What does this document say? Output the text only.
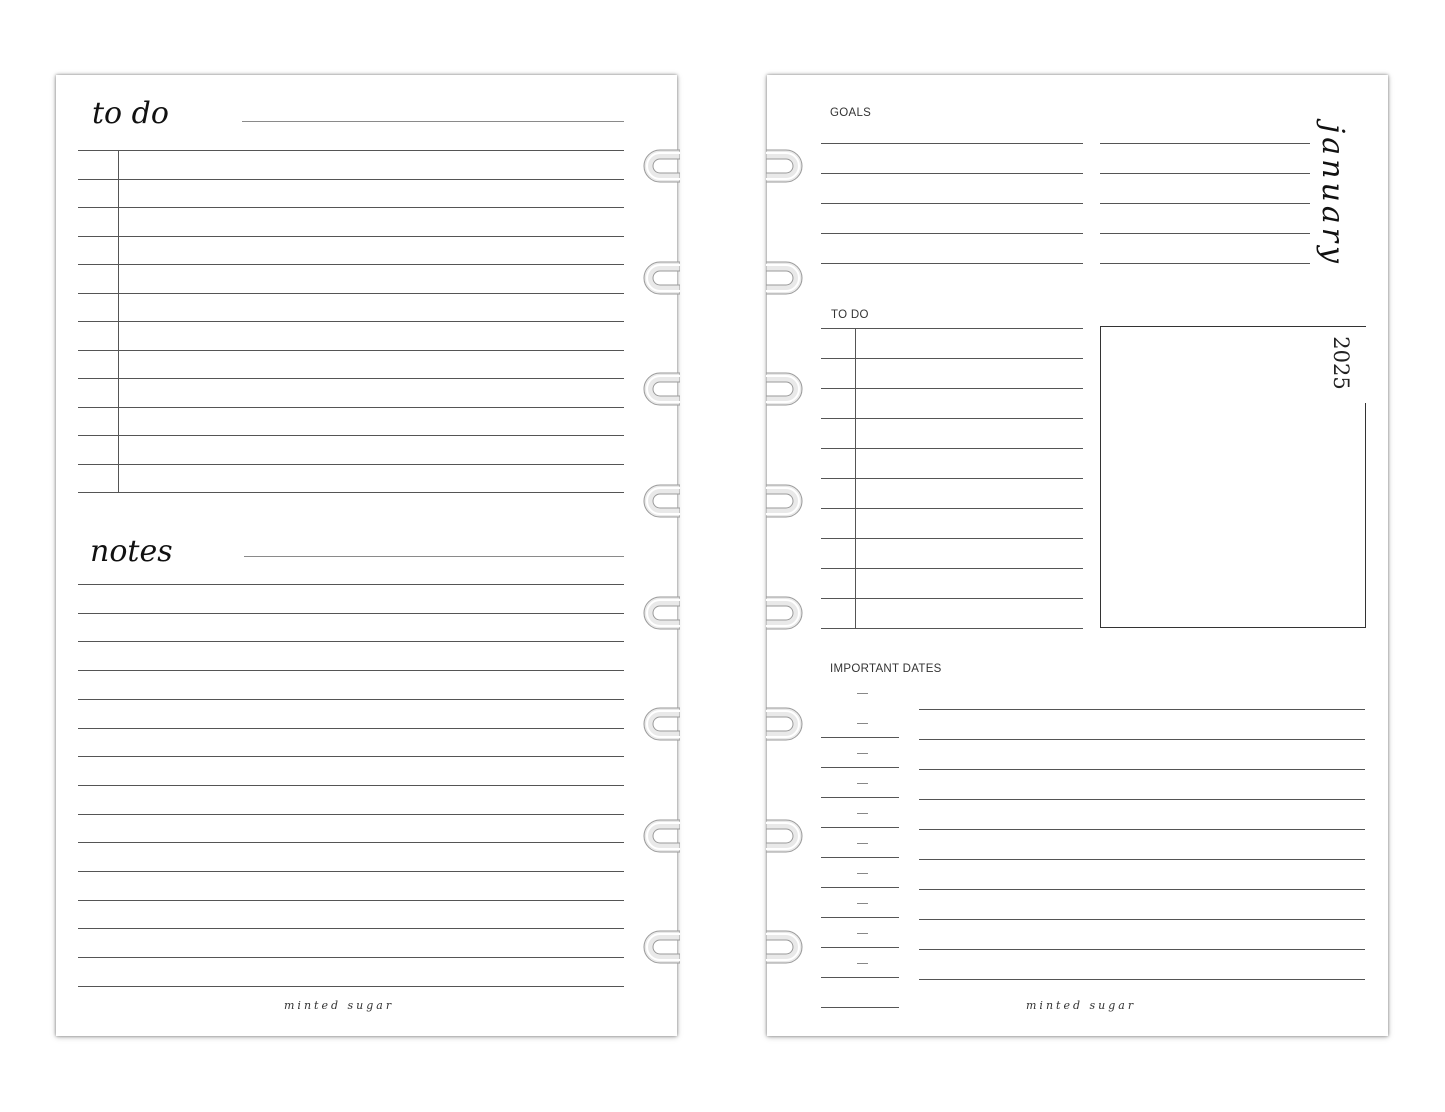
to do
notes
minted sugar
GOALS
january
TO DO
2025
IMPORTANT DATES
minted sugar
